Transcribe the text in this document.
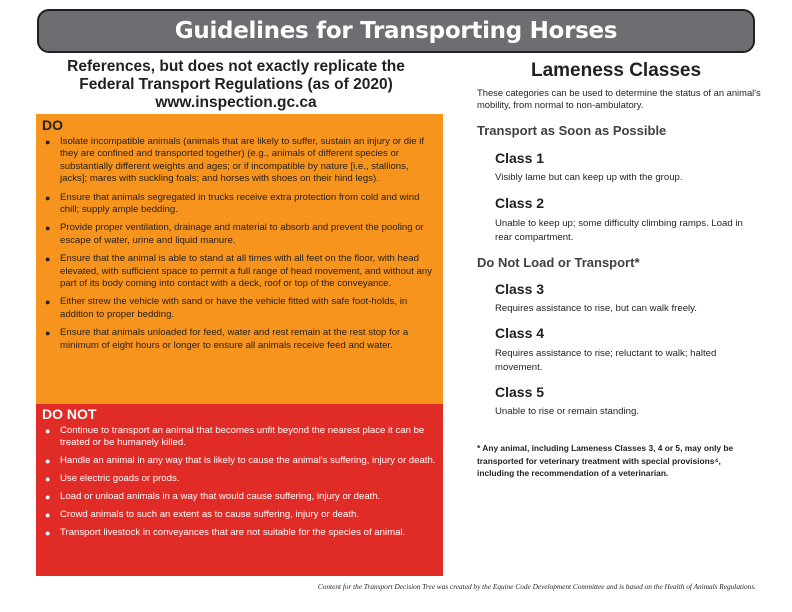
Guidelines for Transporting Horses
References, but does not exactly replicate the
Federal Transport Regulations (as of 2020)
www.inspection.gc.ca
DO
● Isolate incompatible animals (animals that are likely to suffer, sustain an injury or die if they are confined and transported together) (e.g., animals of different species or substantially different weights and ages; or if incompatible by nature [i.e., stallions, jacks]; mares with suckling foals; and horses with shoes on their hind legs).
● Ensure that animals segregated in trucks receive extra protection from cold and wind chill; supply ample bedding.
● Provide proper ventilation, drainage and material to absorb and prevent the pooling or escape of water, urine and liquid manure.
● Ensure that the animal is able to stand at all times with all feet on the floor, with head elevated, with sufficient space to permit a full range of head movement, and without any part of its body coming into contact with a deck, roof or top of the conveyance.
● Either strew the vehicle with sand or have the vehicle fitted with safe foot-holds, in addition to proper bedding.
● Ensure that animals unloaded for feed, water and rest remain at the rest stop for a minimum of eight hours or longer to ensure all animals receive feed and water.
DO NOT
● Continue to transport an animal that becomes unfit beyond the nearest place it can be treated or be humanely killed.
● Handle an animal in any way that is likely to cause the animal's suffering, injury or death.
● Use electric goads or prods.
● Load or unload animals in a way that would cause suffering, injury or death.
● Crowd animals to such an extent as to cause suffering, injury or death.
● Transport livestock in conveyances that are not suitable for the species of animal.
Lameness Classes
These categories can be used to determine the status of an animal's mobility, from normal to non-ambulatory.
Transport as Soon as Possible
Class 1
Visibly lame but can keep up with the group.
Class 2
Unable to keep up; some difficulty climbing ramps. Load in rear compartment.
Do Not Load or Transport*
Class 3
Requires assistance to rise, but can walk freely.
Class 4
Requires assistance to rise; reluctant to walk; halted movement.
Class 5
Unable to rise or remain standing.
* Any animal, including Lameness Classes 3, 4 or 5, may only be transported for veterinary treatment with special provisions⁴, including the recommendation of a veterinarian.
Content for the Transport Decision Tree was created by the Equine Code Development Committee and is based on the Health of Animals Regulations.
